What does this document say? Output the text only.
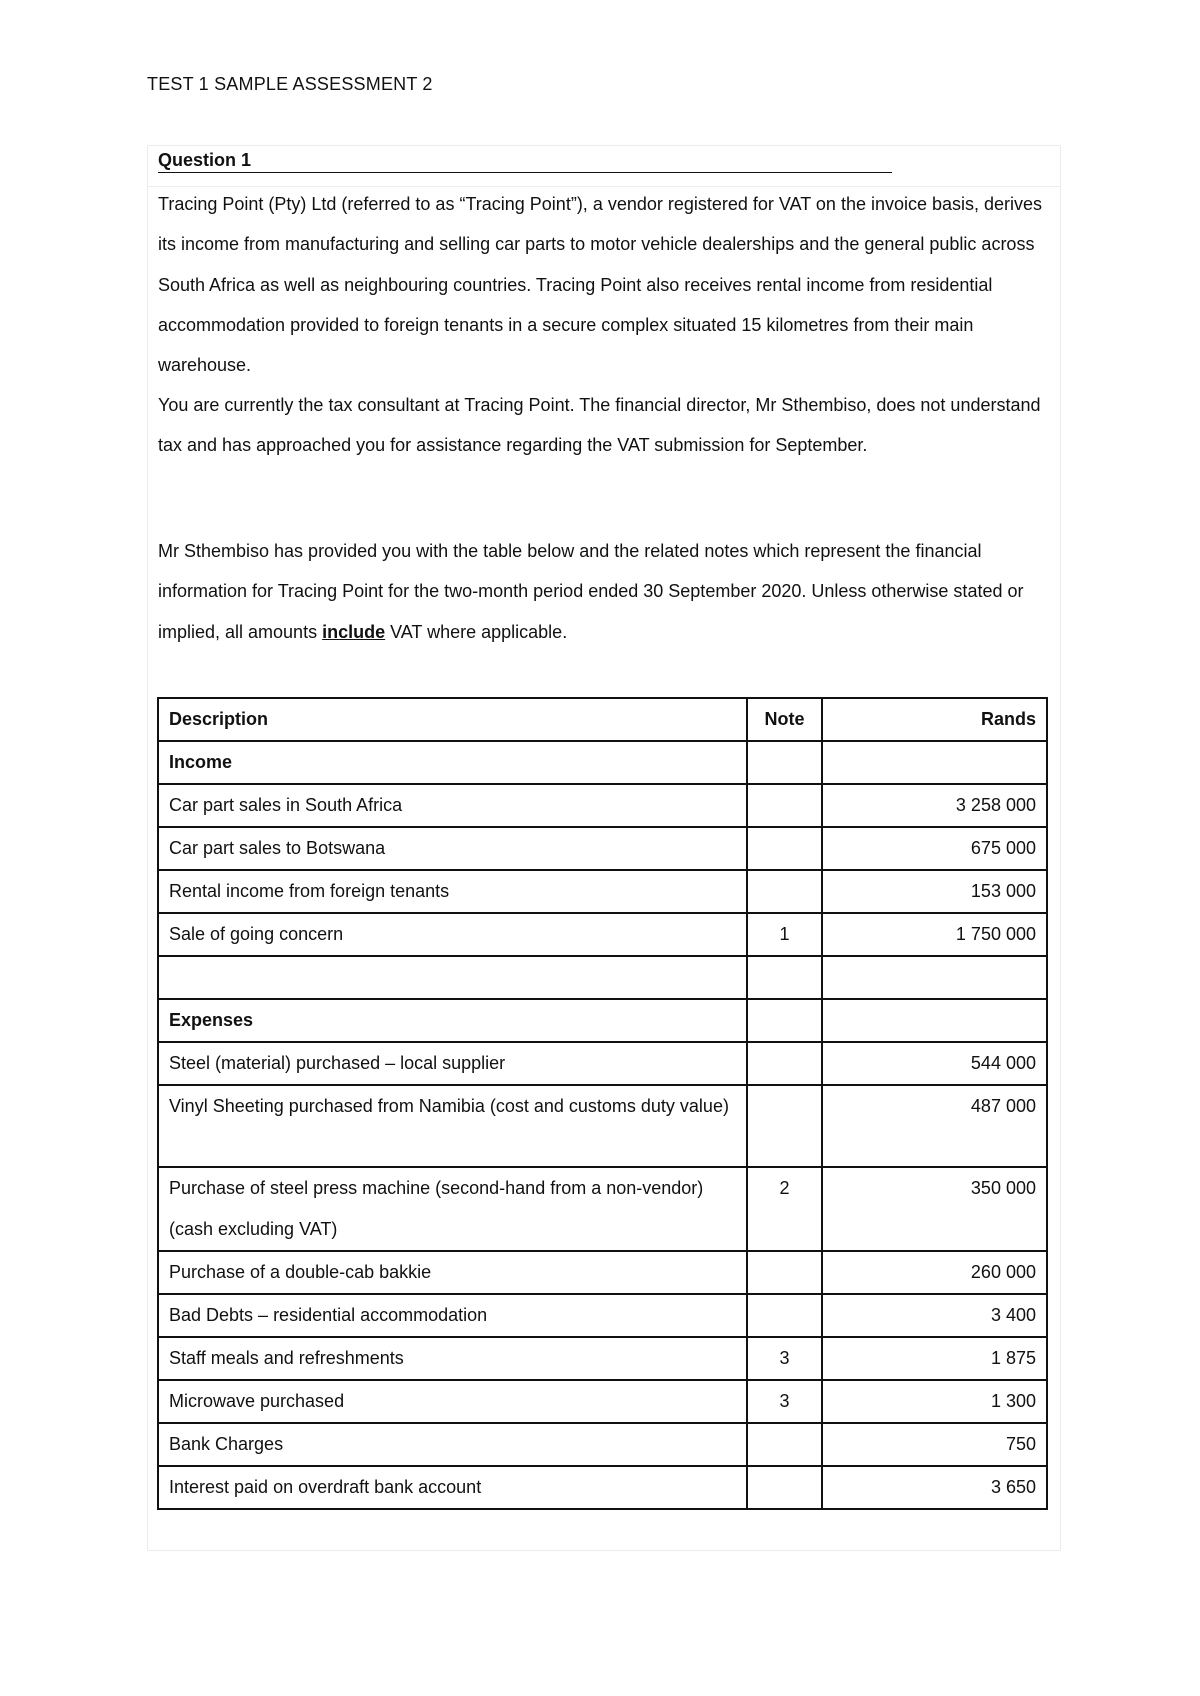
TEST 1 SAMPLE ASSESSMENT 2
Question 1

Tracing Point (Pty) Ltd (referred to as “Tracing Point”), a vendor registered for VAT on the invoice basis, derives its income from manufacturing and selling car parts to motor vehicle dealerships and the general public across South Africa as well as neighbouring countries. Tracing Point also receives rental income from residential accommodation provided to foreign tenants in a secure complex situated 15 kilometres from their main warehouse.

You are currently the tax consultant at Tracing Point. The financial director, Mr Sthembiso, does not understand tax and has approached you for assistance regarding the VAT submission for September.

Mr Sthembiso has provided you with the table below and the related notes which represent the financial information for Tracing Point for the two-month period ended 30 September 2020. Unless otherwise stated or implied, all amounts include VAT where applicable.

Description	Note	Rands
Income		
Car part sales in South Africa		3 258 000
Car part sales to Botswana		675 000
Rental income from foreign tenants		153 000
Sale of going concern	1	1 750 000

Expenses		
Steel (material) purchased – local supplier		544 000
Vinyl Sheeting purchased from Namibia (cost and customs duty value)		487 000
Purchase of steel press machine (second-hand from a non-vendor) (cash excluding VAT)	2	350 000
Purchase of a double-cab bakkie		260 000
Bad Debts – residential accommodation		3 400
Staff meals and refreshments	3	1 875
Microwave purchased	3	1 300
Bank Charges		750
Interest paid on overdraft bank account		3 650
